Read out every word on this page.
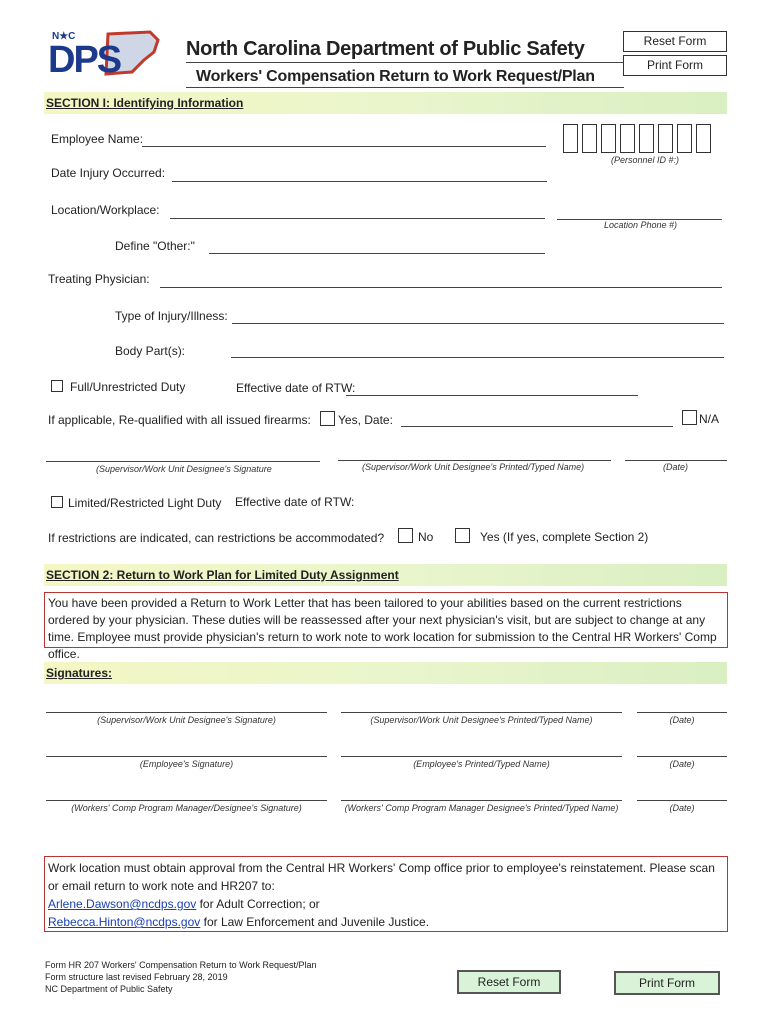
N★C
DPS	North Carolina Department of Public Safety
Workers' Compensation Return to Work Request/Plan
Reset Form
Print Form
SECTION I: Identifying Information
Employee Name:
(Personnel ID #:)
Date Injury Occurred:
Location/Workplace:
Location Phone #)
Define "Other:"
Treating Physician:
Type of Injury/Illness:
Body Part(s):
Full/Unrestricted Duty	Effective date of RTW:
If applicable, Re-qualified with all issued firearms: Yes, Date:	N/A
(Supervisor/Work Unit Designee's Signature	(Supervisor/Work Unit Designee's Printed/Typed Name)	(Date)
Limited/Restricted Light Duty Effective date of RTW:
If restrictions are indicated, can restrictions be accommodated?	No	Yes (If yes, complete Section 2)
SECTION 2: Return to Work Plan for Limited Duty Assignment
You have been provided a Return to Work Letter that has been tailored to your abilities based on the current restrictions ordered by your physician. These duties will be reassessed after your next physician's visit, but are subject to change at any time. Employee must provide physician's return to work note to work location for submission to the Central HR Workers' Comp office.
Signatures:
(Supervisor/Work Unit Designee's Signature)	(Supervisor/Work Unit Designee's Printed/Typed Name)	(Date)
(Employee's Signature)	(Employee's Printed/Typed Name)	(Date)
(Workers' Comp Program Manager/Designee's Signature)	(Workers' Comp Program Manager Designee's Printed/Typed Name)	(Date)
Work location must obtain approval from the Central HR Workers' Comp office prior to employee's reinstatement. Please scan or email return to work note and HR207 to:
Arlene.Dawson@ncdps.gov for Adult Correction; or
Rebecca.Hinton@ncdps.gov for Law Enforcement and Juvenile Justice.
Form HR 207 Workers' Compensation Return to Work Request/Plan
Form structure last revised February 28, 2019
NC Department of Public Safety	Reset Form	Print Form
